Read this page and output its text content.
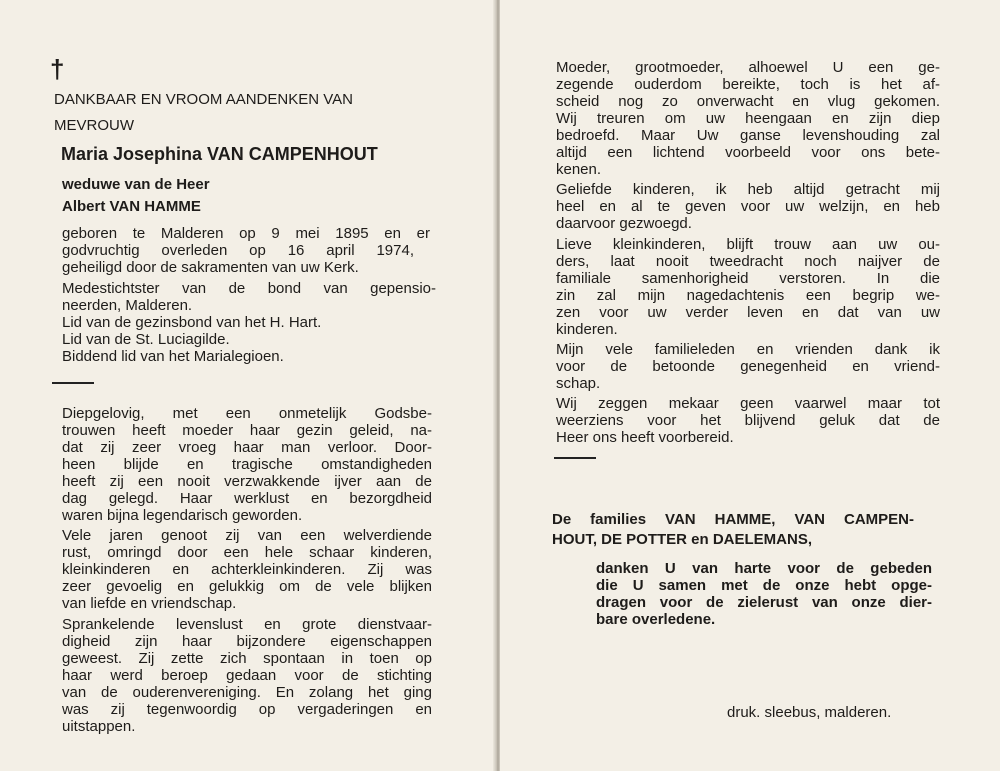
†

DANKBAAR EN VROOM AANDENKEN VAN

MEVROUW

Maria Josephina VAN CAMPENHOUT

weduwe van de Heer

Albert VAN HAMME

geboren te Malderen op 9 mei 1895 en er

godvruchtig overleden op 16 april 1974,

geheiligd door de sakramenten van uw Kerk.

Medestichtster van de bond van gepensio-

neerden, Malderen.

Lid van de gezinsbond van het H. Hart.

Lid van de St. Luciagilde.

Biddend lid van het Marialegioen.

Diepgelovig, met een onmetelijk Godsbe-

trouwen heeft moeder haar gezin geleid, na-

dat zij zeer vroeg haar man verloor. Door-

heen blijde en tragische omstandigheden

heeft zij een nooit verzwakkende ijver aan de

dag gelegd. Haar werklust en bezorgdheid

waren bijna legendarisch geworden.

Vele jaren genoot zij van een welverdiende

rust, omringd door een hele schaar kinderen,

kleinkinderen en achterkleinkinderen. Zij was

zeer gevoelig en gelukkig om de vele blijken

van liefde en vriendschap.

Sprankelende levenslust en grote dienstvaar-

digheid zijn haar bijzondere eigenschappen

geweest. Zij zette zich spontaan in toen op

haar werd beroep gedaan voor de stichting

van de ouderenvereniging. En zolang het ging

was zij tegenwoordig op vergaderingen en

uitstappen.

Moeder, grootmoeder, alhoewel U een ge-

zegende ouderdom bereikte, toch is het af-

scheid nog zo onverwacht en vlug gekomen.

Wij treuren om uw heengaan en zijn diep

bedroefd. Maar Uw ganse levenshouding zal

altijd een lichtend voorbeeld voor ons bete-

kenen.

Geliefde kinderen, ik heb altijd getracht mij

heel en al te geven voor uw welzijn, en heb

daarvoor gezwoegd.

Lieve kleinkinderen, blijft trouw aan uw ou-

ders, laat nooit tweedracht noch naijver de

familiale samenhorigheid verstoren. In die

zin zal mijn nagedachtenis een begrip we-

zen voor uw verder leven en dat van uw

kinderen.

Mijn vele familieleden en vrienden dank ik

voor de betoonde genegenheid en vriend-

schap.

Wij zeggen mekaar geen vaarwel maar tot

weerziens voor het blijvend geluk dat de

Heer ons heeft voorbereid.

De families VAN HAMME, VAN CAMPEN-

HOUT, DE POTTER en DAELEMANS,

danken U van harte voor de gebeden

die U samen met de onze hebt opge-

dragen voor de zielerust van onze dier-

bare overledene.

druk. sleebus, malderen.
